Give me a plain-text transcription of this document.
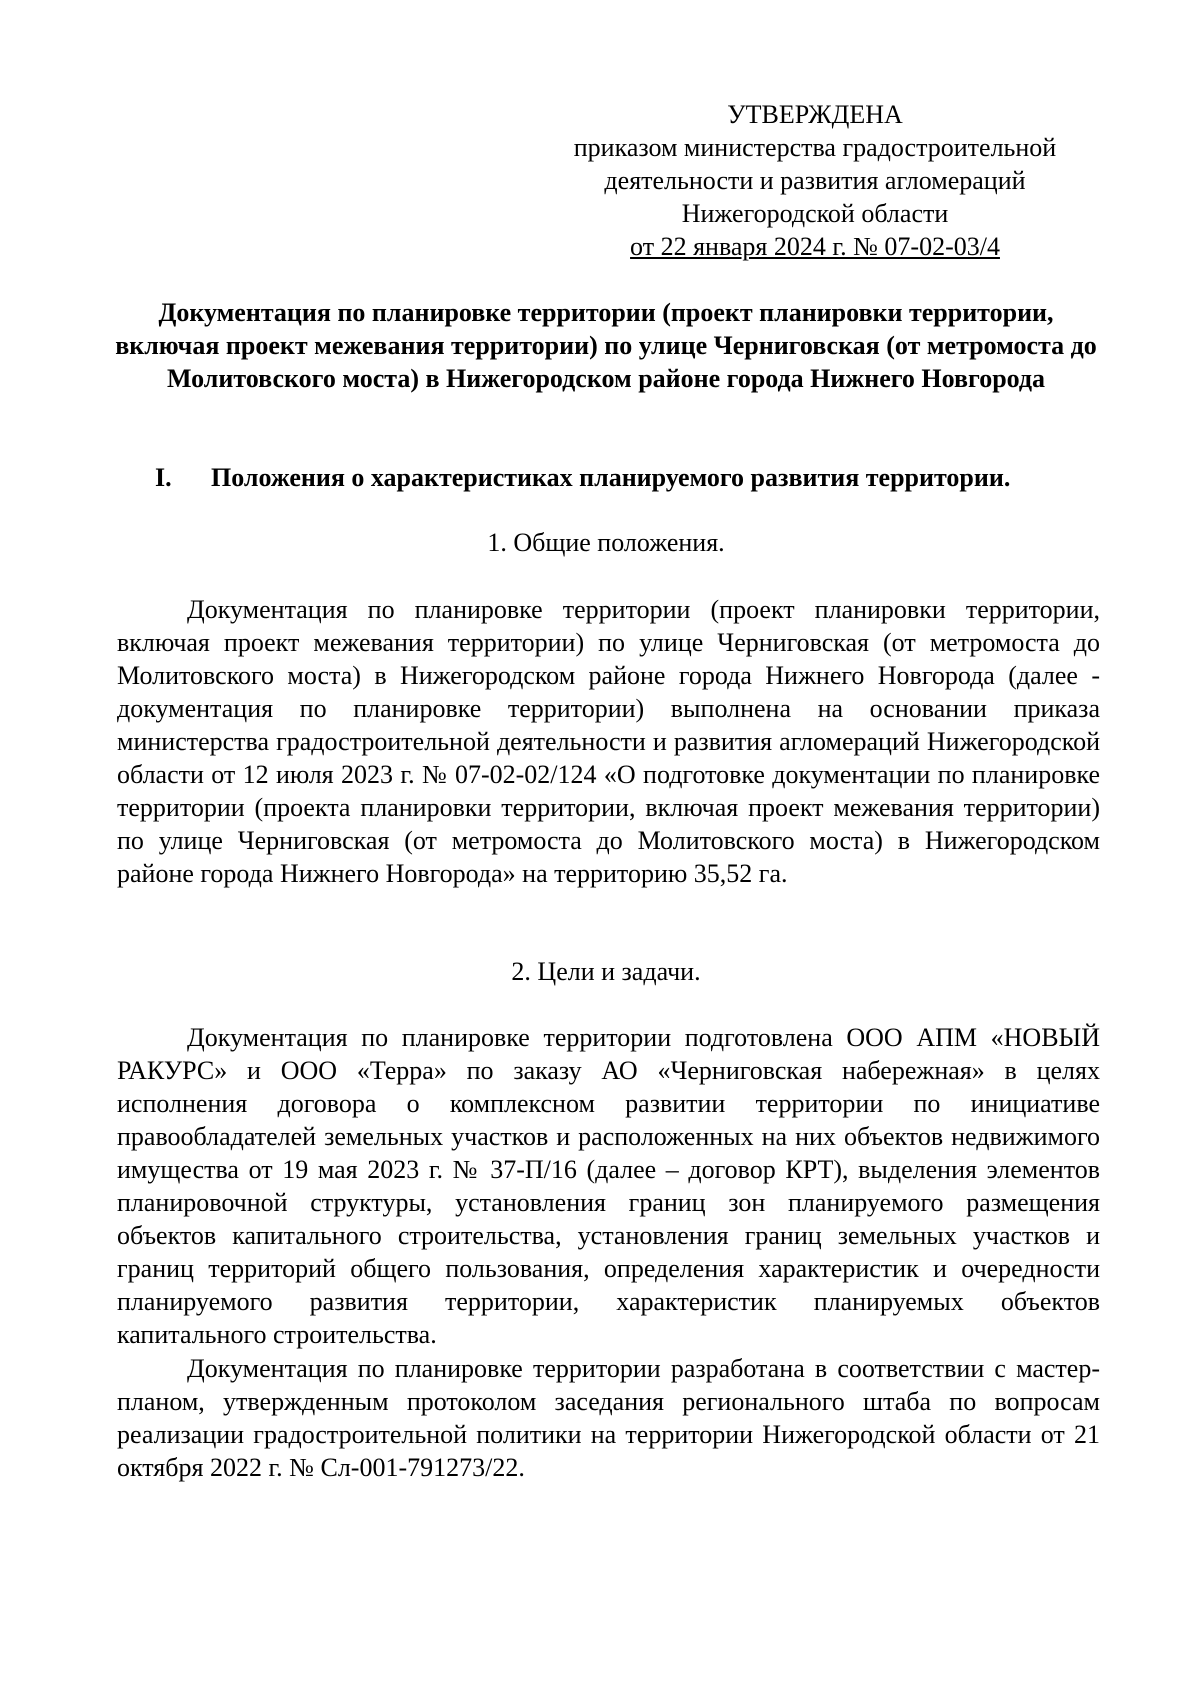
УТВЕРЖДЕНА
приказом министерства градостроительной
деятельности и развития агломераций
Нижегородской области
от 22 января 2024 г. № 07-02-03/4
Документация по планировке территории (проект планировки территории, включая проект межевания территории) по улице Черниговская (от метромоста до Молитовского моста) в Нижегородском районе города Нижнего Новгорода
I. Положения о характеристиках планируемого развития территории.
1. Общие положения.
Документация по планировке территории (проект планировки территории, включая проект межевания территории) по улице Черниговская (от метромоста до Молитовского моста) в Нижегородском районе города Нижнего Новгорода (далее - документация по планировке территории) выполнена на основании приказа министерства градостроительной деятельности и развития агломераций Нижегородской области от 12 июля 2023 г. № 07-02-02/124 «О подготовке документации по планировке территории (проекта планировки территории, включая проект межевания территории) по улице Черниговская (от метромоста до Молитовского моста) в Нижегородском районе города Нижнего Новгорода» на территорию 35,52 га.
2. Цели и задачи.
Документация по планировке территории подготовлена ООО АПМ «НОВЫЙ РАКУРС» и ООО «Терра» по заказу АО «Черниговская набережная» в целях исполнения договора о комплексном развитии территории по инициативе правообладателей земельных участков и расположенных на них объектов недвижимого имущества от 19 мая 2023 г. № 37-П/16 (далее – договор КРТ), выделения элементов планировочной структуры, установления границ зон планируемого размещения объектов капитального строительства, установления границ земельных участков и границ территорий общего пользования, определения характеристик и очередности планируемого развития территории, характеристик планируемых объектов капитального строительства.
Документация по планировке территории разработана в соответствии с мастер-планом, утвержденным протоколом заседания регионального штаба по вопросам реализации градостроительной политики на территории Нижегородской области от 21 октября 2022 г. № Сл-001-791273/22.
